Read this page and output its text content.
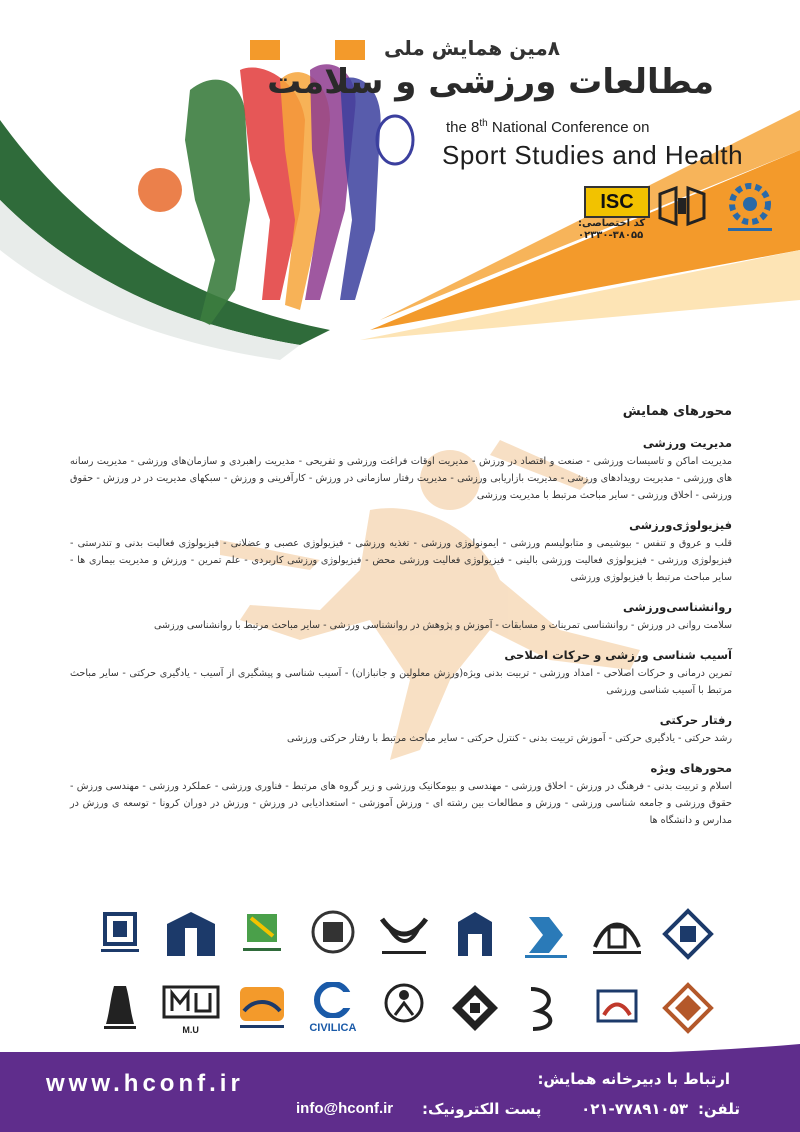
۸مین همایش ملی
مطالعات ورزشی و سلامت
the 8th National Conference on
Sport Studies and Health
ISC
کد اختصاصی:
۰۲۳۳۰-۳۸۰۵۵
محورهای همایش
مدیریت ورزشی
مدیریت اماکن و تاسیسات ورزشی - صنعت و اقتصاد در ورزش - مدیریت اوقات فراغت ورزشی و تفریحی - مدیریت راهبردی و سازمان‌های ورزشی - مدیریت رسانه های ورزشی - مدیریت رویدادهای ورزشی - مدیریت بازاریابی ورزشی - مدیریت رفتار سازمانی در ورزش - کارآفرینی و ورزش - سبکهای مدیریت در در ورزش - حقوق ورزشی - اخلاق ورزشی - سایر مباحث مرتبط با مدیریت ورزشی
فیزیولوژی‌ورزشی
قلب و عروق و تنفس - بیوشیمی و متابولیسم ورزشی - ایمونولوژی ورزشی - تغذیه ورزشی - فیزیولوژی عصبی و عضلانی - فیزیولوژی فعالیت بدنی و تندرستی - فیزیولوژی ورزشی - فیزیولوژی فعالیت ورزشی بالینی - فیزیولوژی فعالیت ورزشی محض - فیزیولوژی ورزشی کاربردی - علم تمرین - ورزش و مدیریت بیماری ها - سایر مباحث مرتبط با فیزیولوژی ورزشی
روانشناسی‌ورزشی
سلامت روانی در ورزش - روانشناسی تمرینات و مسابقات - آموزش و پژوهش در روانشناسی ورزشی - سایر مباحث مرتبط با روانشناسی ورزشی
آسیب شناسی ورزشی و حرکات اصلاحی
تمرین درمانی و حرکات اصلاحی - امداد ورزشی - تربیت بدنی ویژه(ورزش معلولین و جانبازان) - آسیب شناسی و پیشگیری از آسیب - یادگیری حرکتی - سایر مباحث مرتبط با آسیب شناسی ورزشی
رفتار حرکتی
رشد حرکتی - یادگیری حرکتی - آموزش تربیت بدنی - کنترل حرکتی - سایر مباحث مرتبط با رفتار حرکتی ورزشی
محورهای ویژه
اسلام و تربیت بدنی - فرهنگ در ورزش - اخلاق ورزشی - مهندسی و بیومکانیک ورزشی و زیر گروه های مرتبط - فناوری ورزشی - عملکرد ورزشی - مهندسی ورزش - حقوق ورزشی و جامعه شناسی ورزشی - ورزش و مطالعات بین رشته ای - ورزش آموزشی - استعدادیابی در ورزش - ورزش در دوران کرونا - توسعه ی ورزش در مدارس و دانشگاه ها
M.U	CIVILICA
www.hconf.ir	ارتباط با دبیرخانه همایش:
تلفن:
۰۲۱-۷۷۸۹۱۰۵۳
پست الکترونیک:
info@hconf.ir
